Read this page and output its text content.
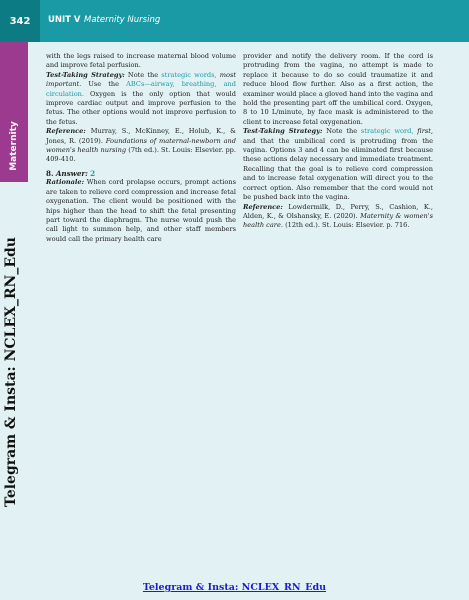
342	UNIT V Maternity Nursing
Maternity
Telegram & Insta: NCLEX_RN_Edu

with the legs raised to increase maternal blood volume and improve fetal perfusion.

Test-Taking Strategy: Note the strategic words, most important. Use the ABCs—airway, breathing, and circulation. Oxygen is the only option that would improve cardiac output and improve perfusion to the fetus. The other options would not improve perfusion to the fetus.

Reference: Murray, S., McKinney, E., Holub, K., & Jones, R. (2019). Foundations of maternal-newborn and women's health nursing (7th ed.). St. Louis: Elsevier. pp. 409-410.

8. Answer: 2

Rationale: When cord prolapse occurs, prompt actions are taken to relieve cord compression and increase fetal oxygenation. The client would be positioned with the hips higher than the head to shift the fetal presenting part toward the diaphragm. The nurse would push the call light to summon help, and other staff members would call the primary health care

provider and notify the delivery room. If the cord is protruding from the vagina, no attempt is made to replace it because to do so could traumatize it and reduce blood flow further. Also as a first action, the examiner would place a gloved hand into the vagina and hold the presenting part off the umbilical cord. Oxygen, 8 to 10 L/minute, by face mask is administered to the client to increase fetal oxygenation.

Test-Taking Strategy: Note the strategic word, first, and that the umbilical cord is protruding from the vagina. Options 3 and 4 can be eliminated first because these actions delay necessary and immediate treatment. Recalling that the goal is to relieve cord compression and to increase fetal oxygenation will direct you to the correct option. Also remember that the cord would not be pushed back into the vagina.

Reference: Lowdermilk, D., Perry, S., Cashion, K., Alden, K., & Olshansky, E. (2020). Maternity & women's health care. (12th ed.). St. Louis: Elsevier. p. 716.

Telegram & Insta: NCLEX_RN_Edu
